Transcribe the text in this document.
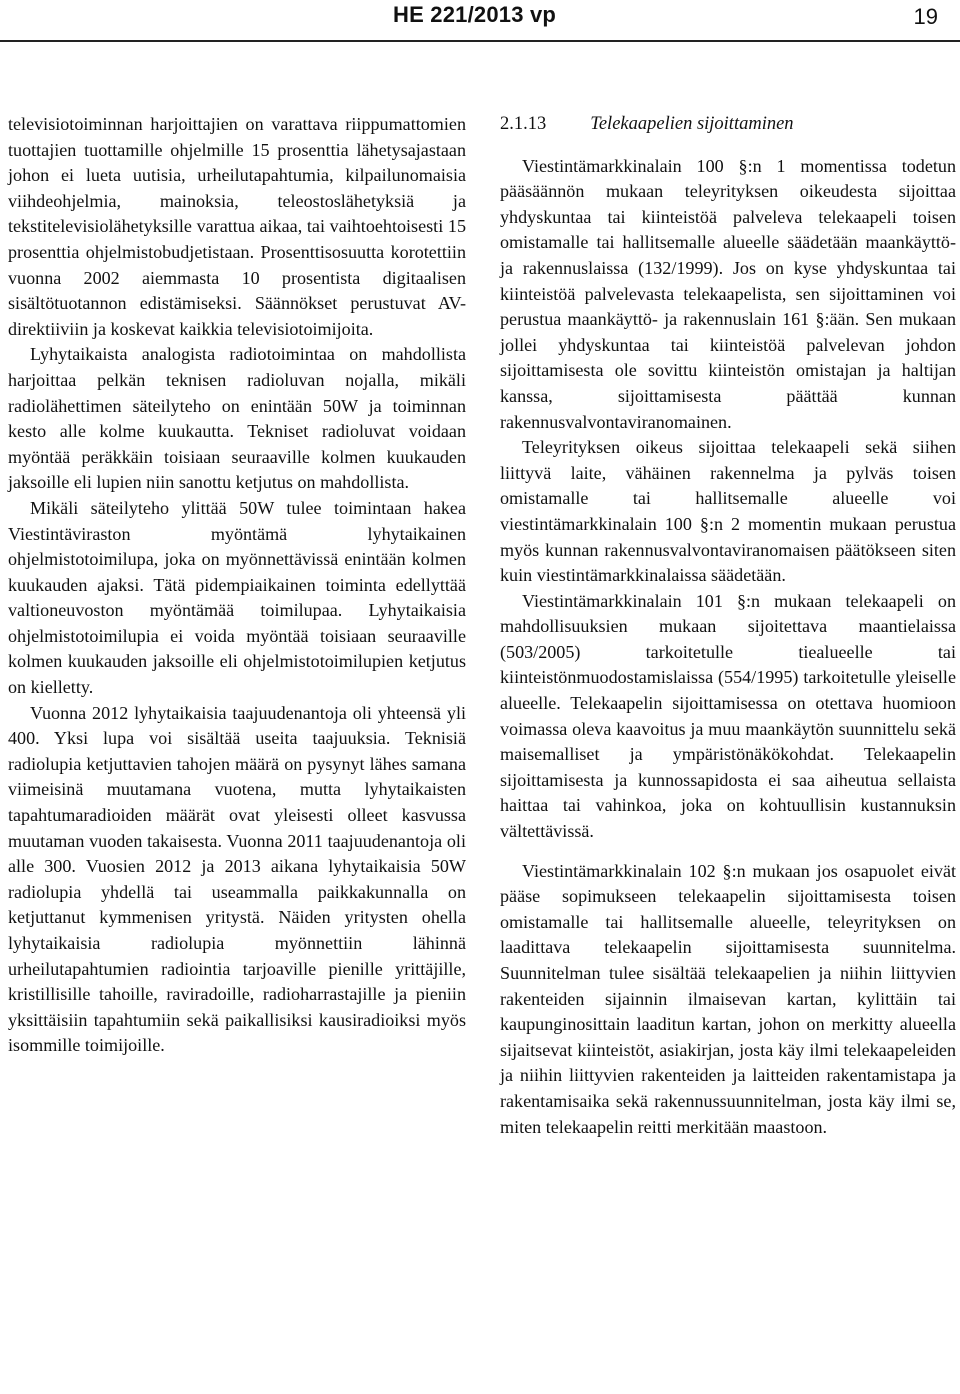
HE 221/2013 vp	19

televisiotoiminnan harjoittajien on varattava riippumattomien tuottajien tuottamille ohjelmille 15 prosenttia lähetysajastaan johon ei lueta uutisia, urheilutapahtumia, kilpailunomaisia viihdeohjelmia, mainoksia, teleostoslähetyksiä ja tekstitelevisiolähetyksille varattua aikaa, tai vaihtoehtoisesti 15 prosenttia ohjelmistobudjetistaan. Prosenttisosuutta korotettiin vuonna 2002 aiemmasta 10 prosentista digitaalisen sisältötuotannon edistämiseksi. Säännökset perustuvat AV-direktiiviin ja koskevat kaikkia televisiotoimijoita.

Lyhytaikaista analogista radiotoimintaa on mahdollista harjoittaa pelkän teknisen radioluvan nojalla, mikäli radiolähettimen säteilyteho on enintään 50W ja toiminnan kesto alle kolme kuukautta. Tekniset radioluvat voidaan myöntää peräkkäin toisiaan seuraaville kolmen kuukauden jaksoille eli lupien niin sanottu ketjutus on mahdollista.

Mikäli säteilyteho ylittää 50W tulee toimintaan hakea Viestintäviraston myöntämä lyhytaikainen ohjelmistotoimilupa, joka on myönnettävissä enintään kolmen kuukauden ajaksi. Tätä pidempiaikainen toiminta edellyttää valtioneuvoston myöntämää toimilupaa. Lyhytaikaisia ohjelmistotoimilupia ei voida myöntää toisiaan seuraaville kolmen kuukauden jaksoille eli ohjelmistotoimilupien ketjutus on kielletty.

Vuonna 2012 lyhytaikaisia taajuudenantoja oli yhteensä yli 400. Yksi lupa voi sisältää useita taajuuksia. Teknisiä radiolupia ketjuttavien tahojen määrä on pysynyt lähes samana viimeisinä muutamana vuotena, mutta lyhytaikaisten tapahtumaradioiden määrät ovat yleisesti olleet kasvussa muutaman vuoden takaisesta. Vuonna 2011 taajuudenantoja oli alle 300. Vuosien 2012 ja 2013 aikana lyhytaikaisia 50W radiolupia yhdellä tai useammalla paikkakunnalla on ketjuttanut kymmenisen yritystä. Näiden yritysten ohella lyhytaikaisia radiolupia myönnettiin lähinnä urheilutapahtumien radiointia tarjoaville pienille yrittäjille, kristillisille tahoille, raviradoille, radioharrastajille ja pieniin yksittäisiin tapahtumiin sekä paikallisiksi kausiradioiksi myös isommille toimijoille.

2.1.13 Telekaapelien sijoittaminen

Viestintämarkkinalain 100 §:n 1 momentissa todetun pääsäännön mukaan teleyrityksen oikeudesta sijoittaa yhdyskuntaa tai kiinteistöä palveleva telekaapeli toisen omistamalle tai hallitsemalle alueelle säädetään maankäyttö- ja rakennuslaissa (132/1999). Jos on kyse yhdyskuntaa tai kiinteistöä palvelevasta telekaapelista, sen sijoittaminen voi perustua maankäyttö- ja rakennuslain 161 §:ään. Sen mukaan jollei yhdyskuntaa tai kiinteistöä palvelevan johdon sijoittamisesta ole sovittu kiinteistön omistajan ja haltijan kanssa, sijoittamisesta päättää kunnan rakennusvalvontaviranomainen.

Teleyrityksen oikeus sijoittaa telekaapeli sekä siihen liittyvä laite, vähäinen rakennelma ja pylväs toisen omistamalle tai hallitsemalle alueelle voi viestintämarkkinalain 100 §:n 2 momentin mukaan perustua myös kunnan rakennusvalvontaviranomaisen päätökseen siten kuin viestintämarkkinalaissa säädetään.

Viestintämarkkinalain 101 §:n mukaan telekaapeli on mahdollisuuksien mukaan sijoitettava maantielaissa (503/2005) tarkoitetulle tiealueelle tai kiinteistönmuodostamislaissa (554/1995) tarkoitetulle yleiselle alueelle. Telekaapelin sijoittamisessa on otettava huomioon voimassa oleva kaavoitus ja muu maankäytön suunnittelu sekä maisemalliset ja ympäristönäkökohdat. Telekaapelin sijoittamisesta ja kunnossapidosta ei saa aiheutua sellaista haittaa tai vahinkoa, joka on kohtuullisin kustannuksin vältettävissä.

Viestintämarkkinalain 102 §:n mukaan jos osapuolet eivät pääse sopimukseen telekaapelin sijoittamisesta toisen omistamalle tai hallitsemalle alueelle, teleyrityksen on laadittava telekaapelin sijoittamisesta suunnitelma. Suunnitelman tulee sisältää telekaapelien ja niihin liittyvien rakenteiden sijainnin ilmaisevan kartan, kylittäin tai kaupunginosittain laaditun kartan, johon on merkitty alueella sijaitsevat kiinteistöt, asiakirjan, josta käy ilmi telekaapeleiden ja niihin liittyvien rakenteiden ja laitteiden rakentamistapa ja rakentamisaika sekä rakennussuunnitelman, josta käy ilmi se, miten telekaapelin reitti merkitään maastoon.
